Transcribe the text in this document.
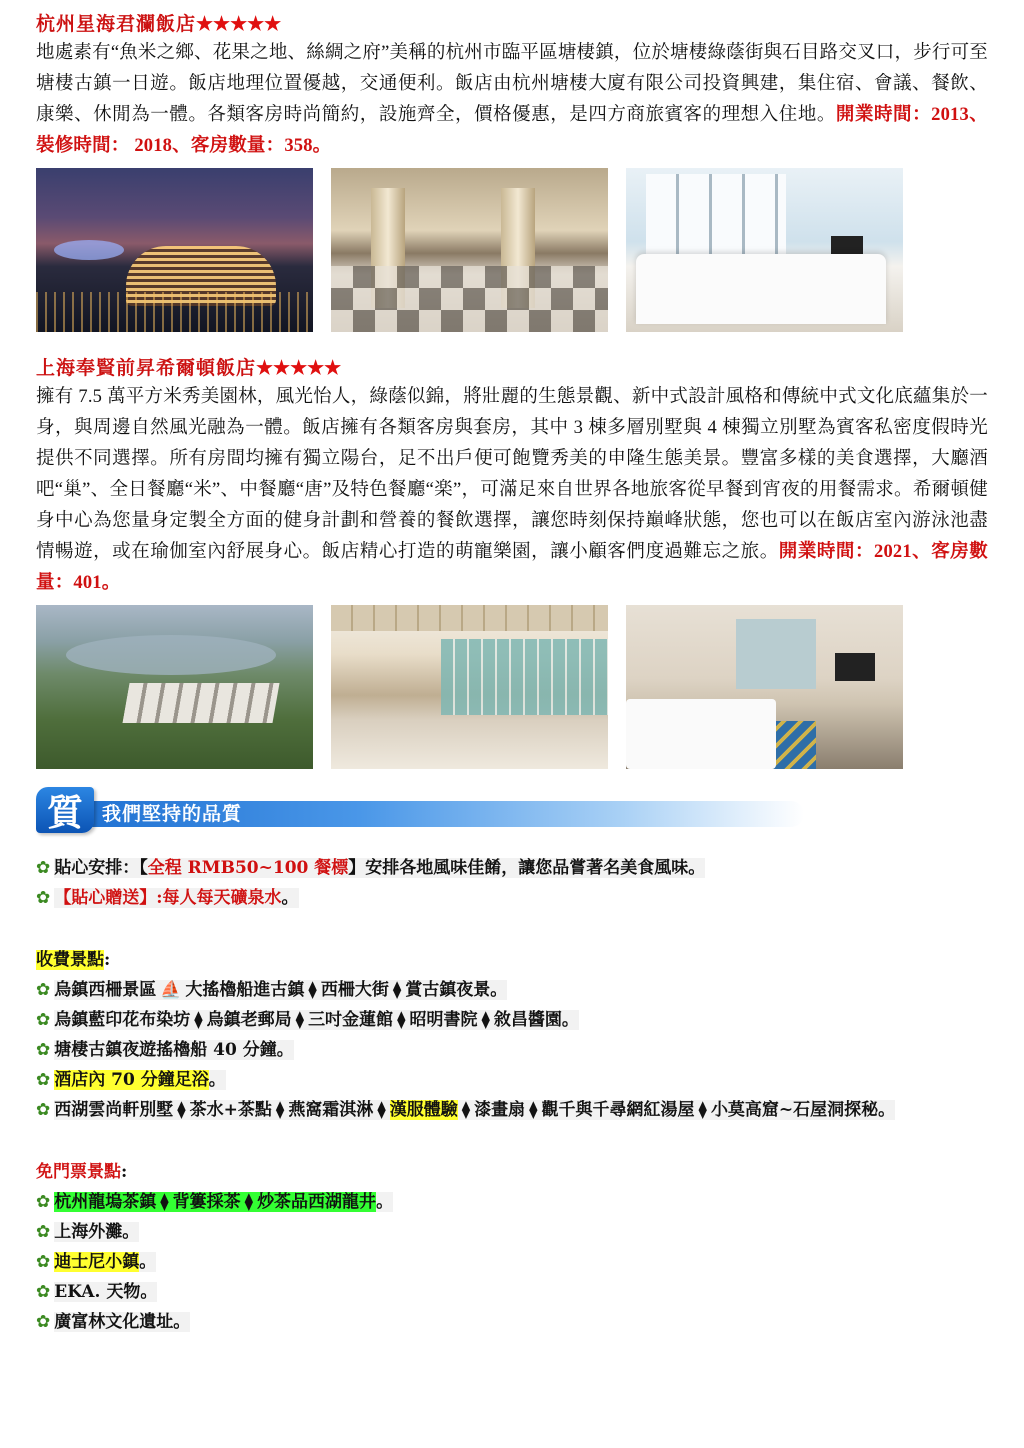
杭州星海君瀾飯店★★★★★

地處素有“魚米之鄉、花果之地、絲綢之府”美稱的杭州市臨平區塘棲鎮，位於塘棲綠蔭街與石目路交叉口，步行可至塘棲古鎮一日遊。飯店地理位置優越，交通便利。飯店由杭州塘棲大廈有限公司投資興建，集住宿、會議、餐飲、康樂、休閒為一體。各類客房時尚簡約，設施齊全，價格優惠，是四方商旅賓客的理想入住地。開業時間：2013、裝修時間： 2018、客房數量：358。

上海奉賢前昇希爾頓飯店★★★★★

擁有 7.5 萬平方米秀美園林，風光怡人，綠蔭似錦，將壯麗的生態景觀、新中式設計風格和傳統中式文化底蘊集於一身，與周邊自然風光融為一體。飯店擁有各類客房與套房，其中 3 棟多層別墅與 4 棟獨立別墅為賓客私密度假時光提供不同選擇。所有房間均擁有獨立陽台，足不出戶便可飽覽秀美的申隆生態美景。豐富多樣的美食選擇，大廳酒吧“巢”、全日餐廳“米”、中餐廳“唐”及特色餐廳“楽”，可滿足來自世界各地旅客從早餐到宵夜的用餐需求。希爾頓健身中心為您量身定製全方面的健身計劃和營養的餐飲選擇，讓您時刻保持巔峰狀態，您也可以在飯店室內游泳池盡情暢遊，或在瑜伽室內舒展身心。飯店精心打造的萌寵樂園，讓小顧客們度過難忘之旅。開業時間：2021、客房數量：401。

質	我們堅持的品質

✿ 貼心安排：【全程 RMB50~100 餐標】安排各地風味佳餚，讓您品嘗著名美食風味。

✿ 【貼心贈送】:每人每天礦泉水。

收費景點:

✿ 烏鎮西柵景區 ⛵ 大搖櫓船進古鎮 ⧫ 西柵大街 ⧫ 賞古鎮夜景。

✿ 烏鎮藍印花布染坊 ⧫ 烏鎮老郵局 ⧫ 三吋金蓮館 ⧫ 昭明書院 ⧫ 敘昌醬園。

✿ 塘棲古鎮夜遊搖櫓船 40 分鐘。

✿ 酒店內 70 分鐘足浴。

✿ 西湖雲尚軒別墅 ⧫ 茶水+茶點 ⧫ 燕窩霜淇淋 ⧫ 漢服體驗 ⧫ 漆畫扇 ⧫ 觀千與千尋網紅湯屋 ⧫ 小莫高窟~石屋洞探秘。

免門票景點:

✿ 杭州龍塢茶鎮 ⧫ 背簍採茶 ⧫ 炒茶品西湖龍井。

✿ 上海外灘。

✿ 迪士尼小鎮。

✿ EKA. 天物。

✿ 廣富林文化遺址。
